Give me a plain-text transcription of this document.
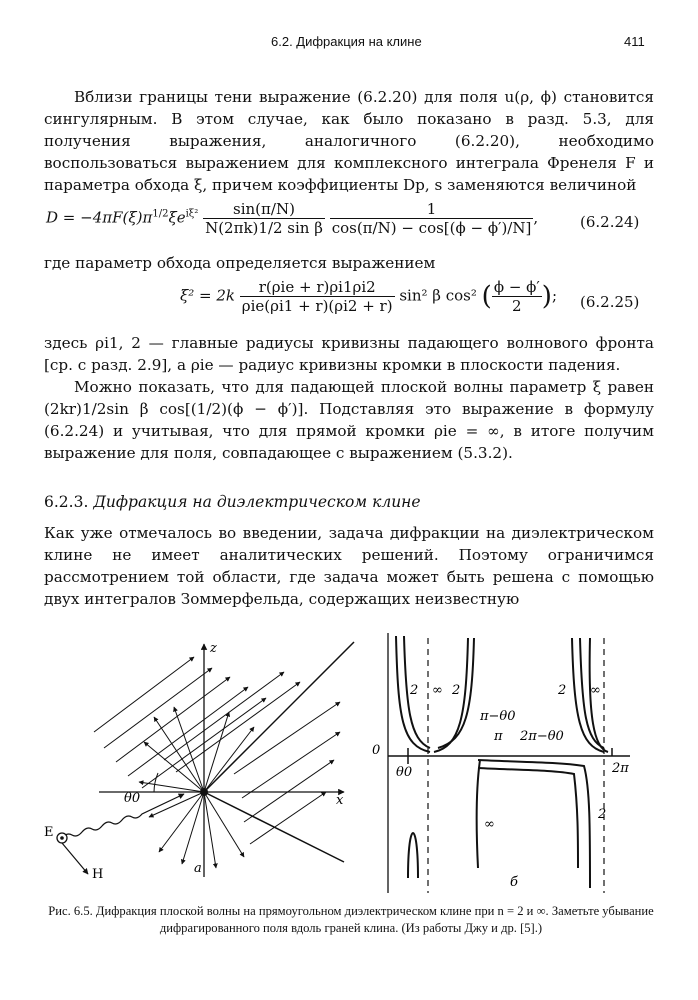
6.2. Дифракция на клине	411

Вблизи границы тени выражение (6.2.20) для поля u(ρ, ϕ) становится сингулярным. В этом случае, как было показано в разд. 5.3, для получения выражения, аналогичного (6.2.20), необходимо воспользоваться выражением для комплексного интеграла Френеля F и параметра обхода ξ, причем коэффициенты Dp, s заменяются величиной

$D = -4\pi F(\xi)\pi^{1/2}\xi e^{i\xi^2} \frac{\sin(\pi/N)}{\text{N(2πk)1/2 sin β}}$
$\frac{1}{\cos(\pi/N) - \cos[(\phi - \phi')/N]}$ ,	(6.2.24)

где параметр обхода определяется выражением

$\xi^2 = 2k \frac{\text{r(ρie + r)ρi1ρi2}}{\text{ρie(ρi1 + r)(ρi2 + r)}} \sin^2$ β cos² ( $\frac{\phi - \phi'}{2}$ ); (6.2.25)

здесь ρi1, 2 — главные радиусы кривизны падающего волнового фронта [ср. с разд. 2.9], а ρie — радиус кривизны кромки в плоскости падения.

Можно показать, что для падающей плоской волны параметр ξ равен (2kr)1/2sin β cos[(1/2)(ϕ − ϕ′)]. Подставляя это выражение в формулу (6.2.24) и учитывая, что для прямой кромки ρie = ∞, в итоге получим выражение для поля, совпадающее с выражением (5.3.2).

6.2.3. Дифракция на диэлектрическом клине

Как уже отмечалось во введении, задача дифракции на диэлектрическом клине не имеет аналитических решений. Поэтому ограничимся рассмотрением той области, где задача может быть решена с помощью двух интегралов Зоммерфельда, содержащих неизвестную

z
x
θ0
E
H	a
0
θ0
π−θ0
π 2π−θ0
2π
2 ∞ 2	2 ∞
2
∞
б

Рис. 6.5. Дифракция плоской волны на прямоугольном диэлектрическом клине при n = 2 и ∞. Заметьте убывание дифрагированного поля вдоль граней клина. (Из работы Джу и др. [5].)
